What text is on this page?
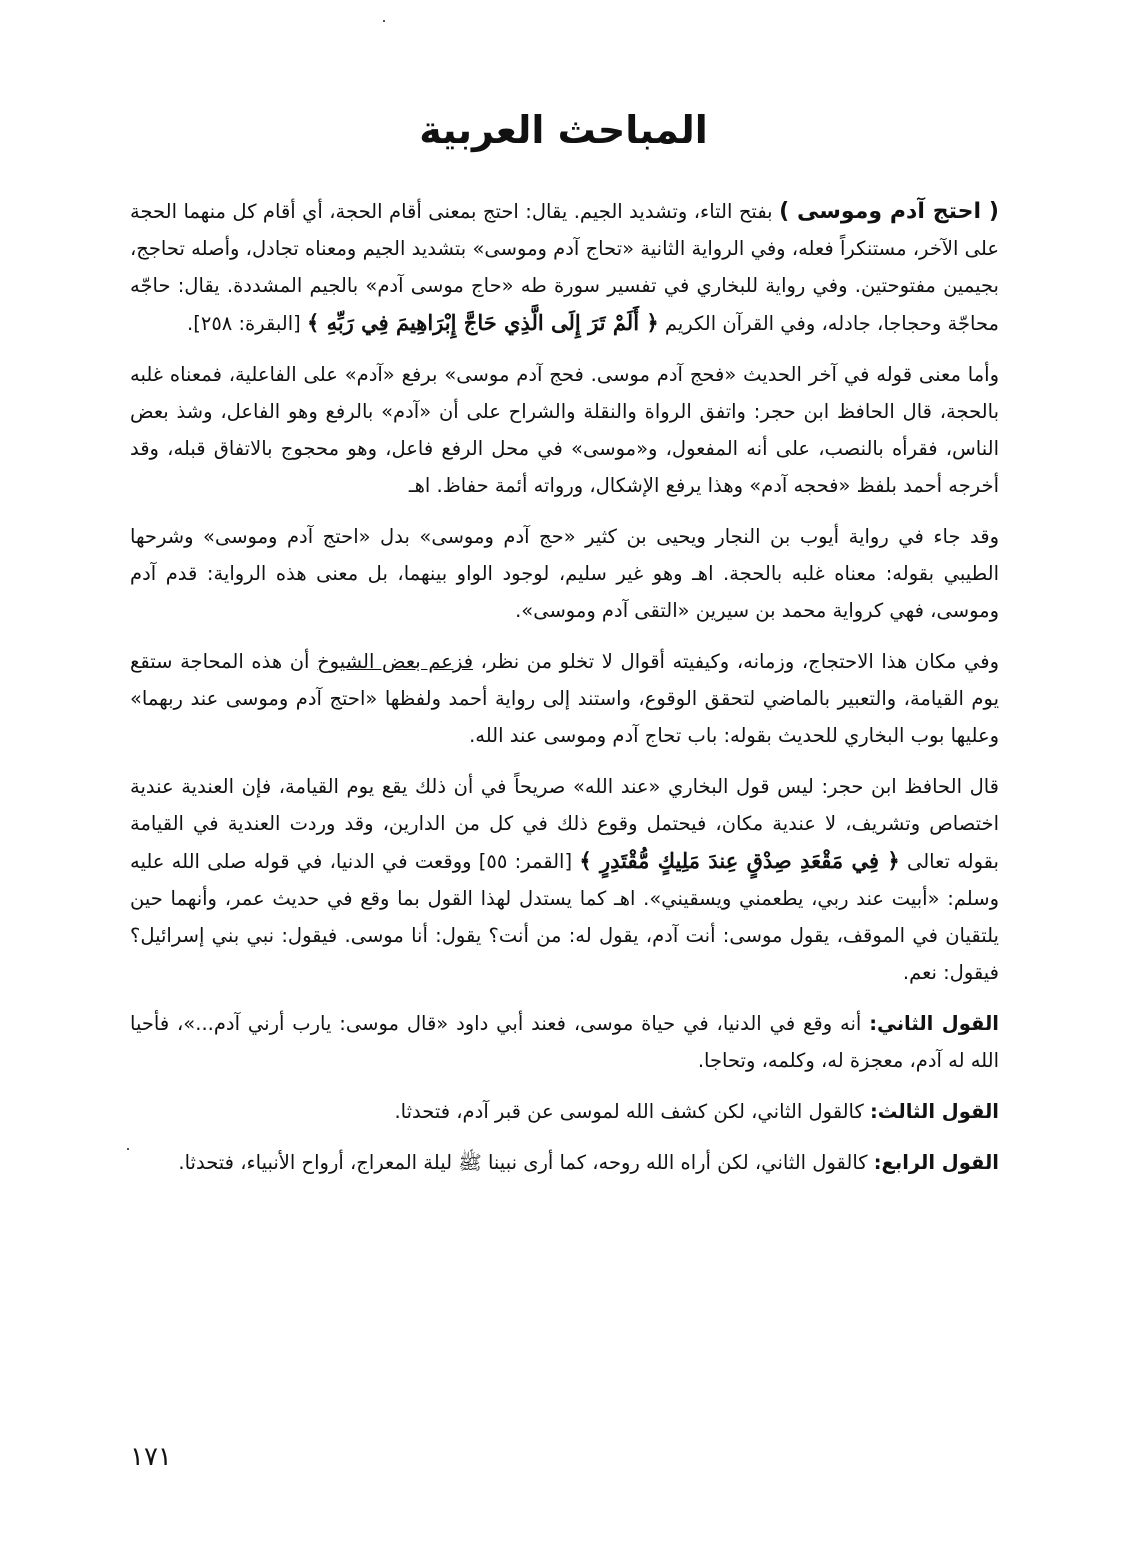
المباحث العربية

( احتج آدم وموسى ) بفتح التاء، وتشديد الجيم. يقال: احتج بمعنى أقام الحجة، أي أقام كل منهما الحجة على الآخر، مستنكراً فعله، وفي الرواية الثانية «تحاج آدم وموسى» بتشديد الجيم ومعناه تجادل، وأصله تحاجج، بجيمين مفتوحتين. وفي رواية للبخاري في تفسير سورة طه «حاج موسى آدم» بالجيم المشددة. يقال: حاجّه محاجّة وحجاجا، جادله، وفي القرآن الكريم ﴿ أَلَمْ تَرَ إِلَى الَّذِي حَاجَّ إِبْرَاهِيمَ فِي رَبِّهِ ﴾ [البقرة: ٢٥٨].

وأما معنى قوله في آخر الحديث «فحج آدم موسى. فحج آدم موسى» برفع «آدم» على الفاعلية، فمعناه غلبه بالحجة، قال الحافظ ابن حجر: واتفق الرواة والنقلة والشراح على أن «آدم» بالرفع وهو الفاعل، وشذ بعض الناس، فقرأه بالنصب، على أنه المفعول، و«موسى» في محل الرفع فاعل، وهو محجوج بالاتفاق قبله، وقد أخرجه أحمد بلفظ «فحجه آدم» وهذا يرفع الإشكال، ورواته أئمة حفاظ. اهـ

وقد جاء في رواية أيوب بن النجار ويحيى بن كثير «حج آدم وموسى» بدل «احتج آدم وموسى» وشرحها الطيبي بقوله: معناه غلبه بالحجة. اهـ وهو غير سليم، لوجود الواو بينهما، بل معنى هذه الرواية: قدم آدم وموسى، فهي كرواية محمد بن سيرين «التقى آدم وموسى».

وفي مكان هذا الاحتجاج، وزمانه، وكيفيته أقوال لا تخلو من نظر، فزعم بعض الشيوخ أن هذه المحاجة ستقع يوم القيامة، والتعبير بالماضي لتحقق الوقوع، واستند إلى رواية أحمد ولفظها «احتج آدم وموسى عند ربهما» وعليها بوب البخاري للحديث بقوله: باب تحاج آدم وموسى عند الله.

قال الحافظ ابن حجر: ليس قول البخاري «عند الله» صريحاً في أن ذلك يقع يوم القيامة، فإن العندية عندية اختصاص وتشريف، لا عندية مكان، فيحتمل وقوع ذلك في كل من الدارين، وقد وردت العندية في القيامة بقوله تعالى ﴿ فِي مَقْعَدِ صِدْقٍ عِندَ مَلِيكٍ مُّقْتَدِرٍ ﴾ [القمر: ٥٥] ووقعت في الدنيا، في قوله صلى الله عليه وسلم: «أبيت عند ربي، يطعمني ويسقيني». اهـ كما يستدل لهذا القول بما وقع في حديث عمر، وأنهما حين يلتقيان في الموقف، يقول موسى: أنت آدم، يقول له: من أنت؟ يقول: أنا موسى. فيقول: نبي بني إسرائيل؟ فيقول: نعم.

القول الثاني: أنه وقع في الدنيا، في حياة موسى، فعند أبي داود «قال موسى: يارب أرني آدم...»، فأحيا الله له آدم، معجزة له، وكلمه، وتحاجا.

القول الثالث: كالقول الثاني، لكن كشف الله لموسى عن قبر آدم، فتحدثا.

القول الرابع: كالقول الثاني، لكن أراه الله روحه، كما أرى نبينا ﷺ ليلة المعراج، أرواح الأنبياء، فتحدثا.

١٧١
